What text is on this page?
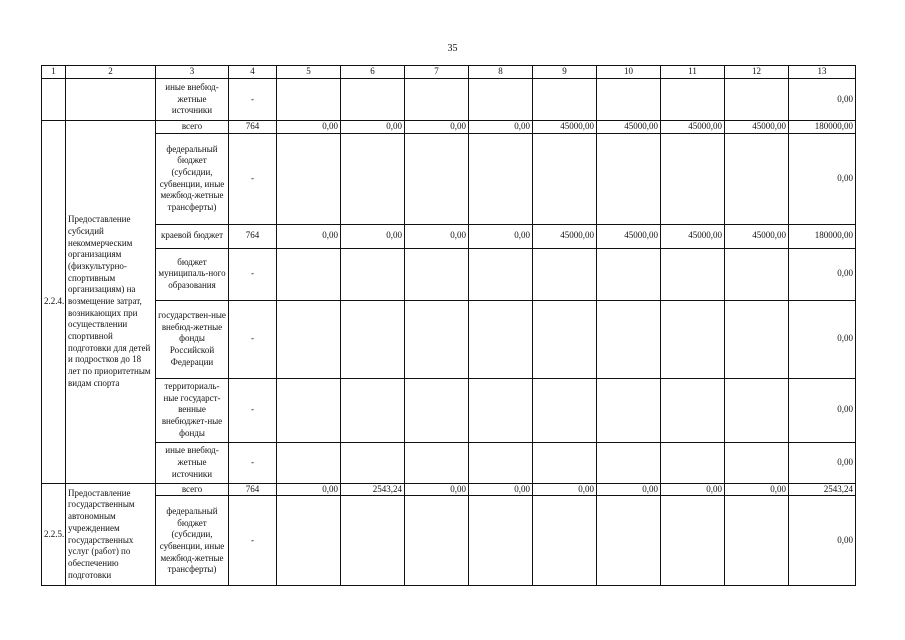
35
1	2	3	4	5	6	7	8	9	10	11	12	13
		иные внебюд-жетные источники	-									0,00
2.2.4.	Предоставление субсидий некоммерческим организациям (физкультурно-спортивным организациям) на возмещение затрат, возникающих при осуществлении спортивной подготовки для детей и подростков до 18 лет по приоритетным видам спорта	всего	764	0,00	0,00	0,00	0,00	45000,00	45000,00	45000,00	45000,00	180000,00
		федеральный бюджет (субсидии, субвенции, иные межбюд-жетные трансферты)	-									0,00
		краевой бюджет	764	0,00	0,00	0,00	0,00	45000,00	45000,00	45000,00	45000,00	180000,00
		бюджет муниципаль-ного образования	-									0,00
		государствен-ные внебюд-жетные фонды Российской Федерации	-									0,00
		территориаль-ные государст-венные внебюджет-ные фонды	-									0,00
		иные внебюд-жетные источники	-									0,00
2.2.5.	Предоставление государственным автономным учреждением государственных услуг (работ) по обеспечению подготовки	всего	764	0,00	2543,24	0,00	0,00	0,00	0,00	0,00	0,00	2543,24
		федеральный бюджет (субсидии, субвенции, иные межбюд-жетные трансферты)	-									0,00
